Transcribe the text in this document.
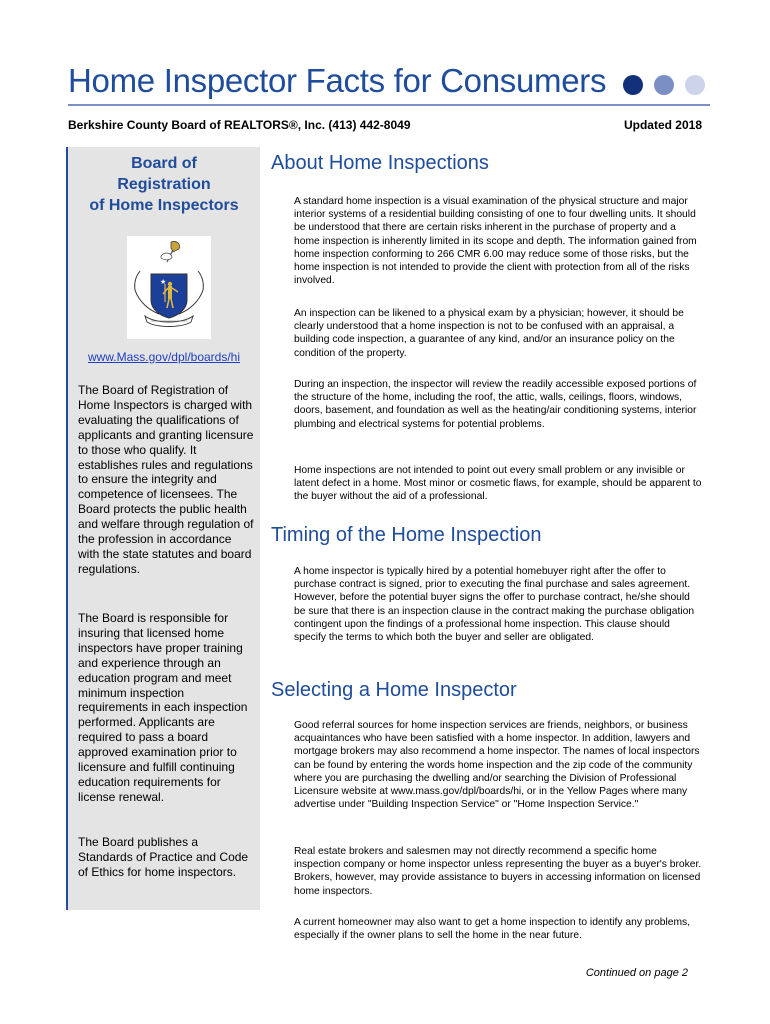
Home Inspector Facts for Consumers
Berkshire County Board of REALTORS®, Inc. (413) 442-8049	Updated 2018
Board of
Registration
of Home Inspectors
★
www.Mass.gov/dpl/boards/hi
The Board of Registration of Home Inspectors is charged with evaluating the qualifications of applicants and granting licensure to those who qualify. It establishes rules and regulations to ensure the integrity and competence of licensees. The Board protects the public health and welfare through regulation of the profession in accordance with the state statutes and board regulations.
The Board is responsible for insuring that licensed home inspectors have proper training and experience through an education program and meet minimum inspection requirements in each inspection performed. Applicants are required to pass a board approved examination prior to licensure and fulfill continuing education requirements for license renewal.
The Board publishes a Standards of Practice and Code of Ethics for home inspectors.
About Home Inspections
A standard home inspection is a visual examination of the physical structure and major interior systems of a residential building consisting of one to four dwelling units. It should be understood that there are certain risks inherent in the purchase of property and a home inspection is inherently limited in its scope and depth. The information gained from home inspection conforming to 266 CMR 6.00 may reduce some of those risks, but the home inspection is not intended to provide the client with protection from all of the risks involved.
An inspection can be likened to a physical exam by a physician; however, it should be clearly understood that a home inspection is not to be confused with an appraisal, a building code inspection, a guarantee of any kind, and/or an insurance policy on the condition of the property.
During an inspection, the inspector will review the readily accessible exposed portions of the structure of the home, including the roof, the attic, walls, ceilings, floors, windows, doors, basement, and foundation as well as the heating/air conditioning systems, interior plumbing and electrical systems for potential problems.
Home inspections are not intended to point out every small problem or any invisible or latent defect in a home. Most minor or cosmetic flaws, for example, should be apparent to the buyer without the aid of a professional.
Timing of the Home Inspection
A home inspector is typically hired by a potential homebuyer right after the offer to purchase contract is signed, prior to executing the final purchase and sales agreement. However, before the potential buyer signs the offer to purchase contract, he/she should be sure that there is an inspection clause in the contract making the purchase obligation contingent upon the findings of a professional home inspection. This clause should specify the terms to which both the buyer and seller are obligated.
Selecting a Home Inspector
Good referral sources for home inspection services are friends, neighbors, or business acquaintances who have been satisfied with a home inspector. In addition, lawyers and mortgage brokers may also recommend a home inspector. The names of local inspectors can be found by entering the words home inspection and the zip code of the community where you are purchasing the dwelling and/or searching the Division of Professional Licensure website at www.mass.gov/dpl/boards/hi, or in the Yellow Pages where many advertise under "Building Inspection Service" or "Home Inspection Service."
Real estate brokers and salesmen may not directly recommend a specific home inspection company or home inspector unless representing the buyer as a buyer's broker. Brokers, however, may provide assistance to buyers in accessing information on licensed home inspectors.
A current homeowner may also want to get a home inspection to identify any problems, especially if the owner plans to sell the home in the near future.
Continued on page 2
